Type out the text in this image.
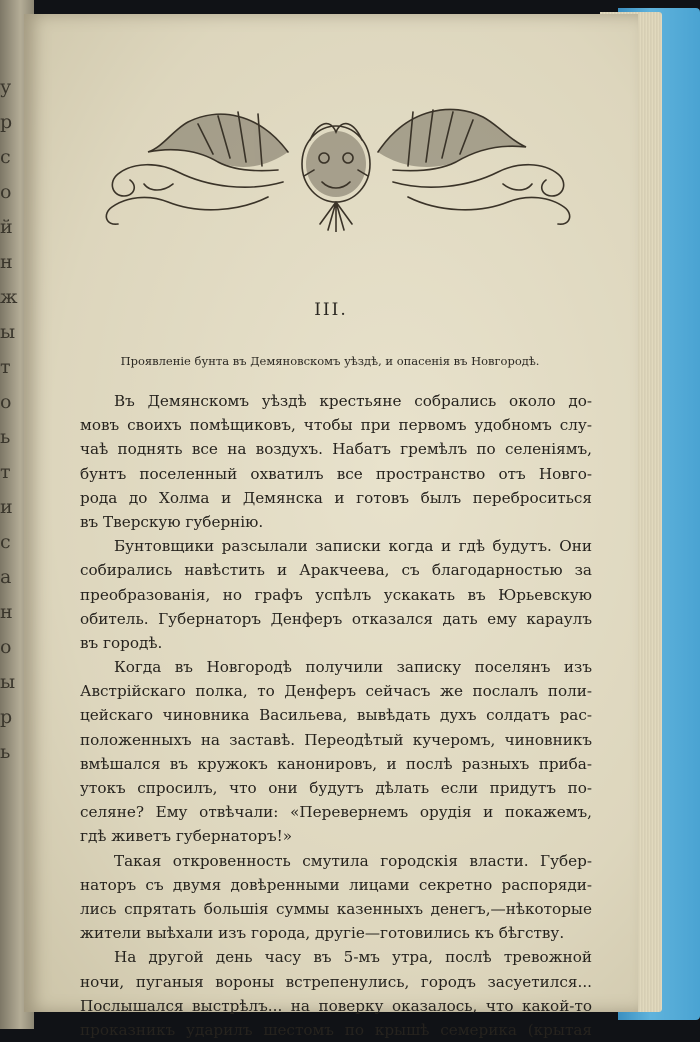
у
р
с
о
й
н
ж
ы
т
о
ь
т
и
с
а
н
о
ы
р
ь
III.
Проявленіе бунта въ Демяновскомъ уѣздѣ, и опасенія въ Новгородѣ.
Въ Демянскомъ уѣздѣ крестьяне собрались около до-
мовъ своихъ помѣщиковъ, чтобы при первомъ удобномъ слу-
чаѣ поднять все на воздухъ. Набатъ гремѣлъ по селеніямъ,
бунтъ поселенный охватилъ все пространство отъ Новго-
рода до Холма и Демянска и готовъ былъ переброситься
въ Тверскую губернію.
Бунтовщики разсылали записки когда и гдѣ будутъ. Они
собирались навѣстить и Аракчеева, съ благодарностью за
преобразованія, но графъ успѣлъ ускакать въ Юрьевскую
обитель. Губернаторъ Денферъ отказался дать ему караулъ
въ городѣ.
Когда въ Новгородѣ получили записку поселянъ изъ
Австрійскаго полка, то Денферъ сейчасъ же послалъ поли-
цейскаго чиновника Васильева, вывѣдать духъ солдатъ рас-
положенныхъ на заставѣ. Переодѣтый кучеромъ, чиновникъ
вмѣшался въ кружокъ канонировъ, и послѣ разныхъ приба-
утокъ спросилъ, что они будутъ дѣлать если придутъ по-
селяне? Ему отвѣчали: «Перевернемъ орудія и покажемъ,
гдѣ живетъ губернаторъ!»
Такая откровенность смутила городскія власти. Губер-
наторъ съ двумя довѣренными лицами секретно распоряди-
лись спрятать большія суммы казенныхъ денегъ,—нѣкоторые
жители выѣхали изъ города, другіе—готовились къ бѣгству.
На другой день часу въ 5-мъ утра, послѣ тревожной
ночи, пуганыя вороны встрепенулись, городъ засуетился...
Послышался выстрѣлъ... на поверку оказалось, что какой-то
проказникъ ударилъ шестомъ по крышѣ семерика (крытая
